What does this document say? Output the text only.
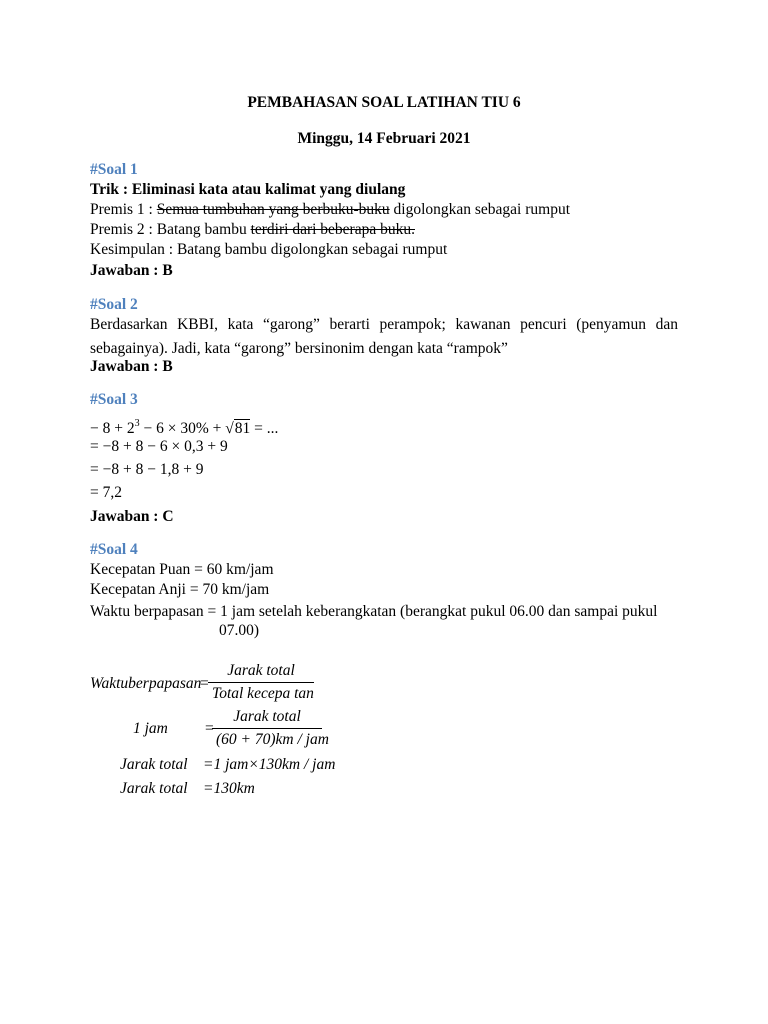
PEMBAHASAN SOAL LATIHAN TIU 6
Minggu, 14 Februari 2021
#Soal 1
Trik : Eliminasi kata atau kalimat yang diulang
Premis 1 : Semua tumbuhan yang berbuku-buku digolongkan sebagai rumput
Premis 2 : Batang bambu terdiri dari beberapa buku.
Kesimpulan : Batang bambu digolongkan sebagai rumput
Jawaban : B
#Soal 2
Berdasarkan KBBI, kata “garong” berarti perampok; kawanan pencuri (penyamun dan sebagainya). Jadi, kata “garong” bersinonim dengan kata “rampok”
Jawaban : B
#Soal 3
− $8 + 2^3 - 6 \times 30\% + √81$ = ...
= −8 + 8 − 6 × 0,3 + 9
= −8 + 8 − 1,8 + 9
= 7,2
Jawaban : C
#Soal 4
Kecepatan Puan = 60 km/jam
Kecepatan Anji = 70 km/jam
Waktu berpapasan = 1 jam setelah keberangkatan (berangkat pukul 06.00 dan sampai pukul
07.00)
Waktuberpapasan
= $\frac{\text{Jarak total}}{\text{Total kecepa tan}}$
1 jam =
$\frac{\text{Jarak total}}{\text{(60 + 70)km / jam}}$
Jarak total =1 jam×130km / jam
Jarak total =130km
